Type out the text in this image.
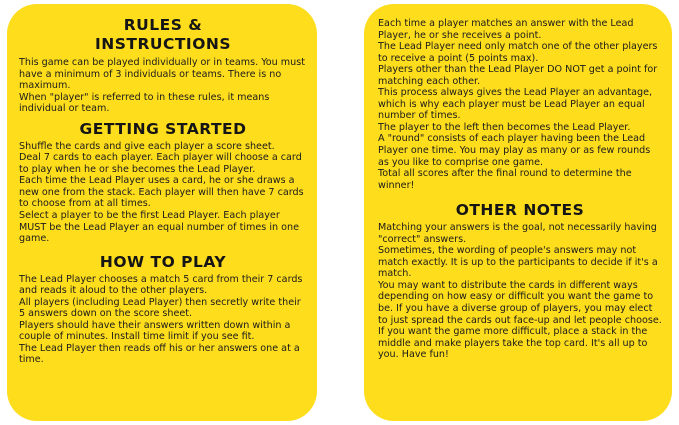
RULES &
INSTRUCTIONS

This game can be played individually or in teams. You must have a minimum of 3 individuals or teams. There is no maximum.

When "player" is referred to in these rules, it means individual or team.

GETTING STARTED

Shuffle the cards and give each player a score sheet.

Deal 7 cards to each player. Each player will choose a card to play when he or she becomes the Lead Player.

Each time the Lead Player uses a card, he or she draws a new one from the stack. Each player will then have 7 cards to choose from at all times.

Select a player to be the first Lead Player. Each player MUST be the Lead Player an equal number of times in one game.

HOW TO PLAY

The Lead Player chooses a match 5 card from their 7 cards and reads it aloud to the other players.

All players (including Lead Player) then secretly write their 5 answers down on the score sheet.

Players should have their answers written down within a couple of minutes. Install time limit if you see fit.

The Lead Player then reads off his or her answers one at a time.

Each time a player matches an answer with the Lead Player, he or she receives a point.

The Lead Player need only match one of the other players to receive a point (5 points max).

Players other than the Lead Player DO NOT get a point for matching each other.

This process always gives the Lead Player an advantage, which is why each player must be Lead Player an equal number of times.

The player to the left then becomes the Lead Player.

A "round" consists of each player having been the Lead Player one time. You may play as many or as few rounds as you like to comprise one game.

Total all scores after the final round to determine the winner!

OTHER NOTES

Matching your answers is the goal, not necessarily having "correct" answers.

Sometimes, the wording of people's answers may not match exactly. It is up to the participants to decide if it's a match.

You may want to distribute the cards in different ways depending on how easy or difficult you want the game to be. If you have a diverse group of players, you may elect to just spread the cards out face-up and let people choose. If you want the game more difficult, place a stack in the middle and make players take the top card. It's all up to you. Have fun!
